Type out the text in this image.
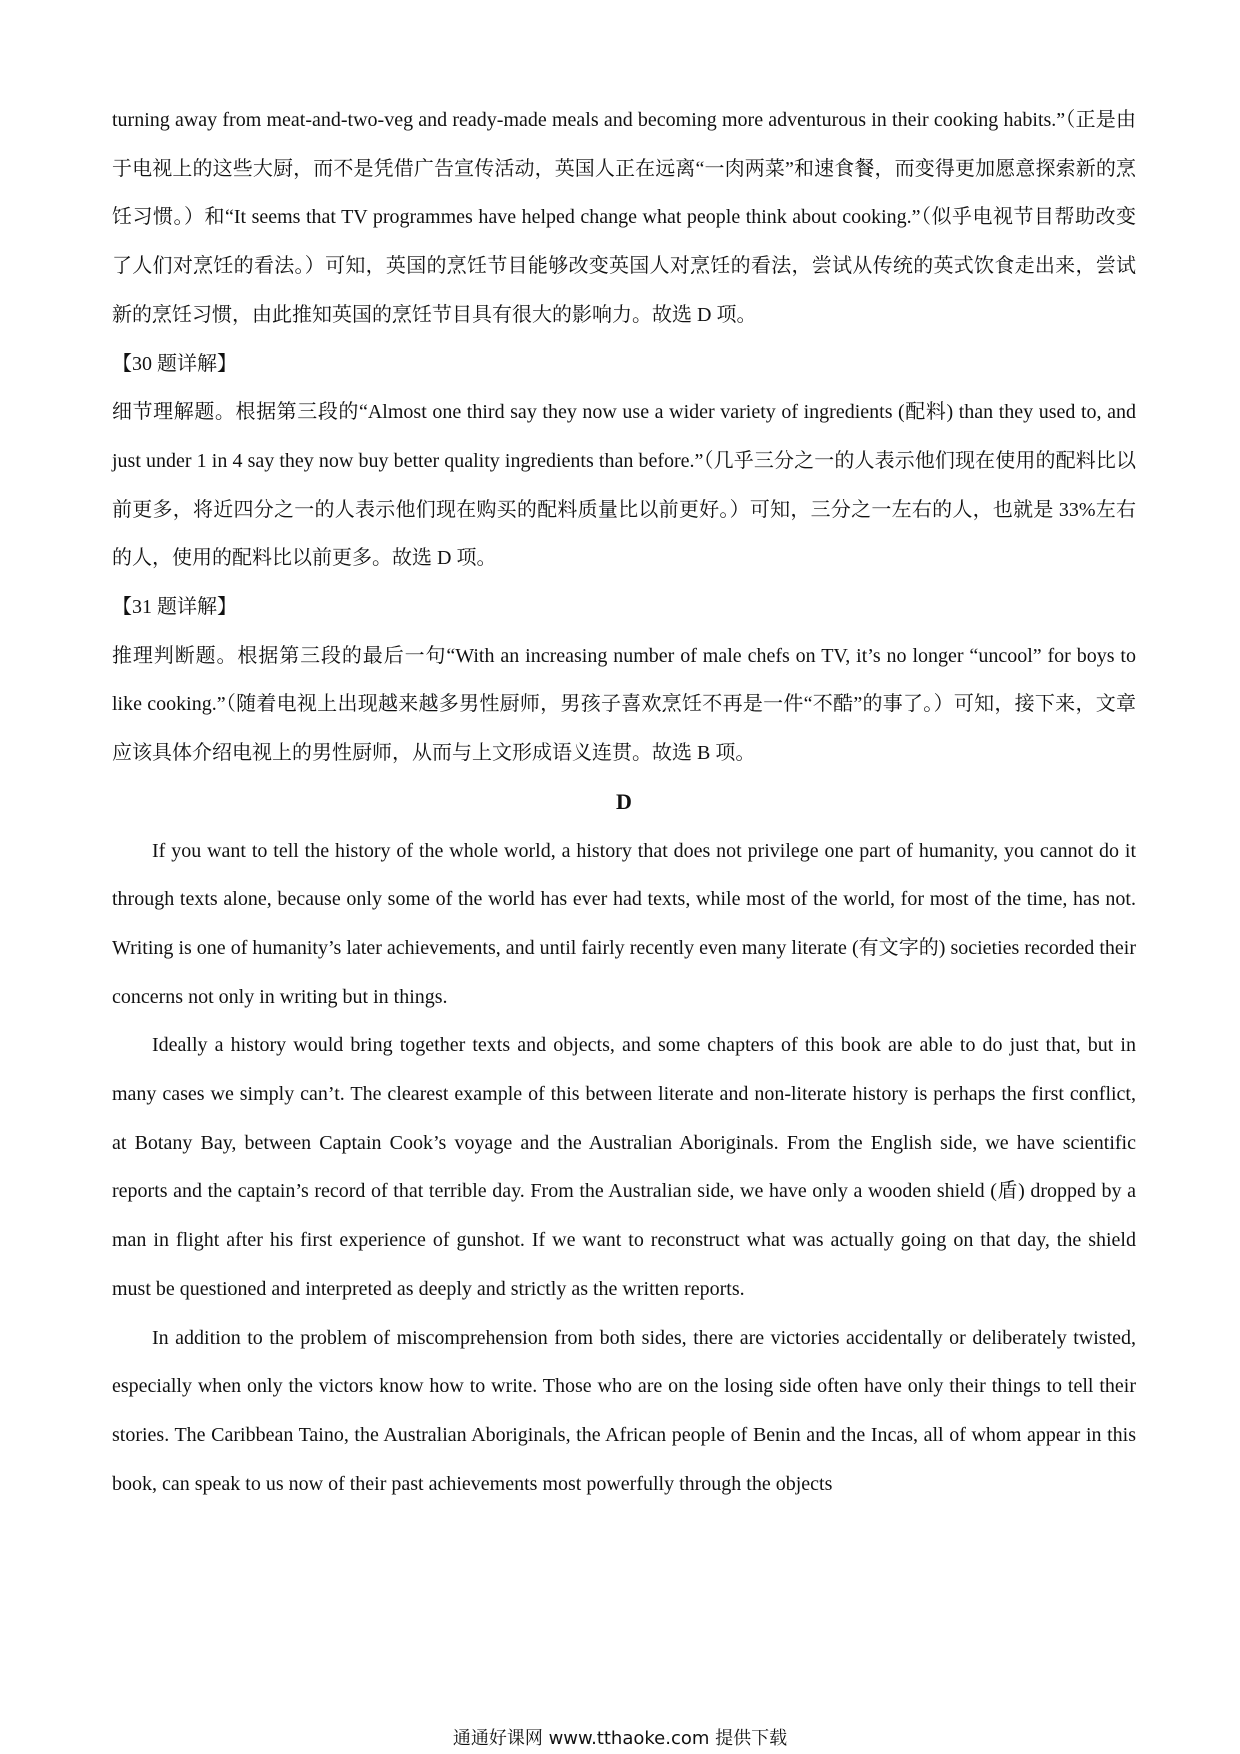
turning away from meat-and-two-veg and ready-made meals and becoming more adventurous in their cooking habits.”（正是由于电视上的这些大厨，而不是凭借广告宣传活动，英国人正在远离“一肉两菜”和速食餐，而变得更加愿意探索新的烹饪习惯。）和“It seems that TV programmes have helped change what people think about cooking.”（似乎电视节目帮助改变了人们对烹饪的看法。）可知，英国的烹饪节目能够改变英国人对烹饪的看法，尝试从传统的英式饮食走出来，尝试新的烹饪习惯，由此推知英国的烹饪节目具有很大的影响力。故选 D 项。

【30 题详解】

细节理解题。根据第三段的“Almost one third say they now use a wider variety of ingredients (配料) than they used to, and just under 1 in 4 say they now buy better quality ingredients than before.”（几乎三分之一的人表示他们现在使用的配料比以前更多，将近四分之一的人表示他们现在购买的配料质量比以前更好。）可知，三分之一左右的人，也就是 33%左右的人，使用的配料比以前更多。故选 D 项。

【31 题详解】

推理判断题。根据第三段的最后一句“With an increasing number of male chefs on TV, it’s no longer “uncool” for boys to like cooking.”（随着电视上出现越来越多男性厨师，男孩子喜欢烹饪不再是一件“不酷”的事了。）可知，接下来，文章应该具体介绍电视上的男性厨师，从而与上文形成语义连贯。故选 B 项。

D

If you want to tell the history of the whole world, a history that does not privilege one part of humanity, you cannot do it through texts alone, because only some of the world has ever had texts, while most of the world, for most of the time, has not. Writing is one of humanity’s later achievements, and until fairly recently even many literate (有文字的) societies recorded their concerns not only in writing but in things.

Ideally a history would bring together texts and objects, and some chapters of this book are able to do just that, but in many cases we simply can’t. The clearest example of this between literate and non-literate history is perhaps the first conflict, at Botany Bay, between Captain Cook’s voyage and the Australian Aboriginals. From the English side, we have scientific reports and the captain’s record of that terrible day. From the Australian side, we have only a wooden shield (盾) dropped by a man in flight after his first experience of gunshot. If we want to reconstruct what was actually going on that day, the shield must be questioned and interpreted as deeply and strictly as the written reports.

In addition to the problem of miscomprehension from both sides, there are victories accidentally or deliberately twisted, especially when only the victors know how to write. Those who are on the losing side often have only their things to tell their stories. The Caribbean Taino, the Australian Aboriginals, the African people of Benin and the Incas, all of whom appear in this book, can speak to us now of their past achievements most powerfully through the objects

通通好课网 www.tthaoke.com 提供下载
